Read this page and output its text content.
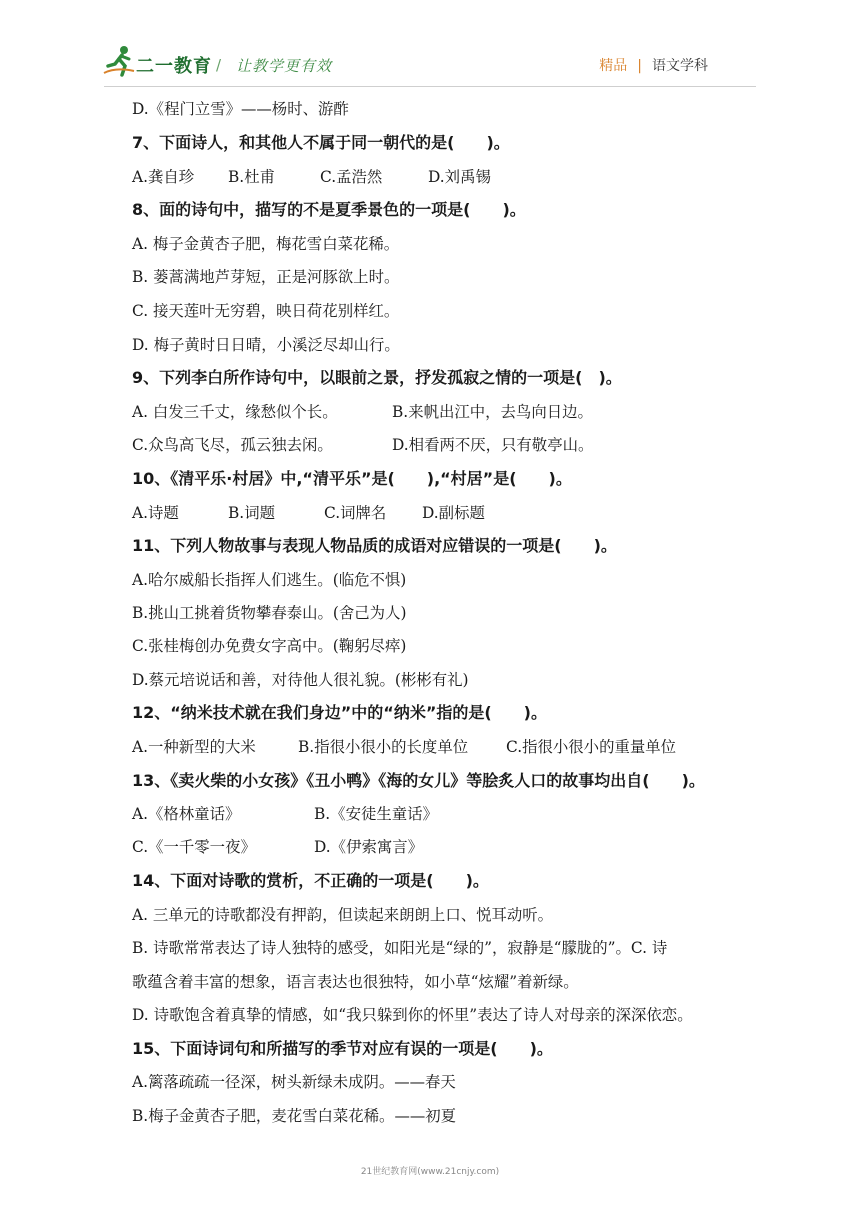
二一教育 / 让教学更有效	精品 | 语文学科
D.《程门立雪》——杨时、游酢
7、下面诗人，和其他人不属于同一朝代的是(　　)。
A.龚自珍 B.杜甫	C.孟浩然	D.刘禹锡
8、面的诗句中，描写的不是夏季景色的一项是(　　)。
A. 梅子金黄杏子肥，梅花雪白菜花稀。
B. 蒌蒿满地芦芽短，正是河豚欲上时。
C. 接天莲叶无穷碧，映日荷花别样红。
D. 梅子黄时日日晴，小溪泛尽却山行。
9、下列李白所作诗句中，以眼前之景，抒发孤寂之情的一项是(　)。
A. 白发三千丈，缘愁似个长。	B.来帆出江中，去鸟向日边。
C.众鸟高飞尽，孤云独去闲。	D.相看两不厌，只有敬亭山。
10、《清平乐·村居》中,“清平乐”是(　　),“村居”是(　　)。
A.诗题	B.词题	C.词牌名 D.副标题
11、下列人物故事与表现人物品质的成语对应错误的一项是(　　)。
A.哈尔威船长指挥人们逃生。(临危不惧)
B.挑山工挑着货物攀春泰山。(舍己为人)
C.张桂梅创办免费女字高中。(鞠躬尽瘁)
D.蔡元培说话和善，对待他人很礼貌。(彬彬有礼)
12、“纳米技术就在我们身边”中的“纳米”指的是(　　)。
A.一种新型的大米	B.指很小很小的长度单位 C.指很小很小的重量单位
13、《卖火柴的小女孩》《丑小鸭》《海的女儿》等脍炙人口的故事均出自(　　)。
A.《格林童话》	B.《安徒生童话》
C.《一千零一夜》	D.《伊索寓言》
14、下面对诗歌的赏析，不正确的一项是(　　)。
A. 三单元的诗歌都没有押韵，但读起来朗朗上口、悦耳动听。
B. 诗歌常常表达了诗人独特的感受，如阳光是“绿的”，寂静是“朦胧的”。C. 诗
歌蕴含着丰富的想象，语言表达也很独特，如小草“炫耀”着新绿。
D. 诗歌饱含着真挚的情感，如“我只躲到你的怀里”表达了诗人对母亲的深深依恋。
15、下面诗词句和所描写的季节对应有误的一项是(　　)。
A.篱落疏疏一径深，树头新绿未成阴。——春天
B.梅子金黄杏子肥，麦花雪白菜花稀。——初夏
21世纪教育网(www.21cnjy.com)
